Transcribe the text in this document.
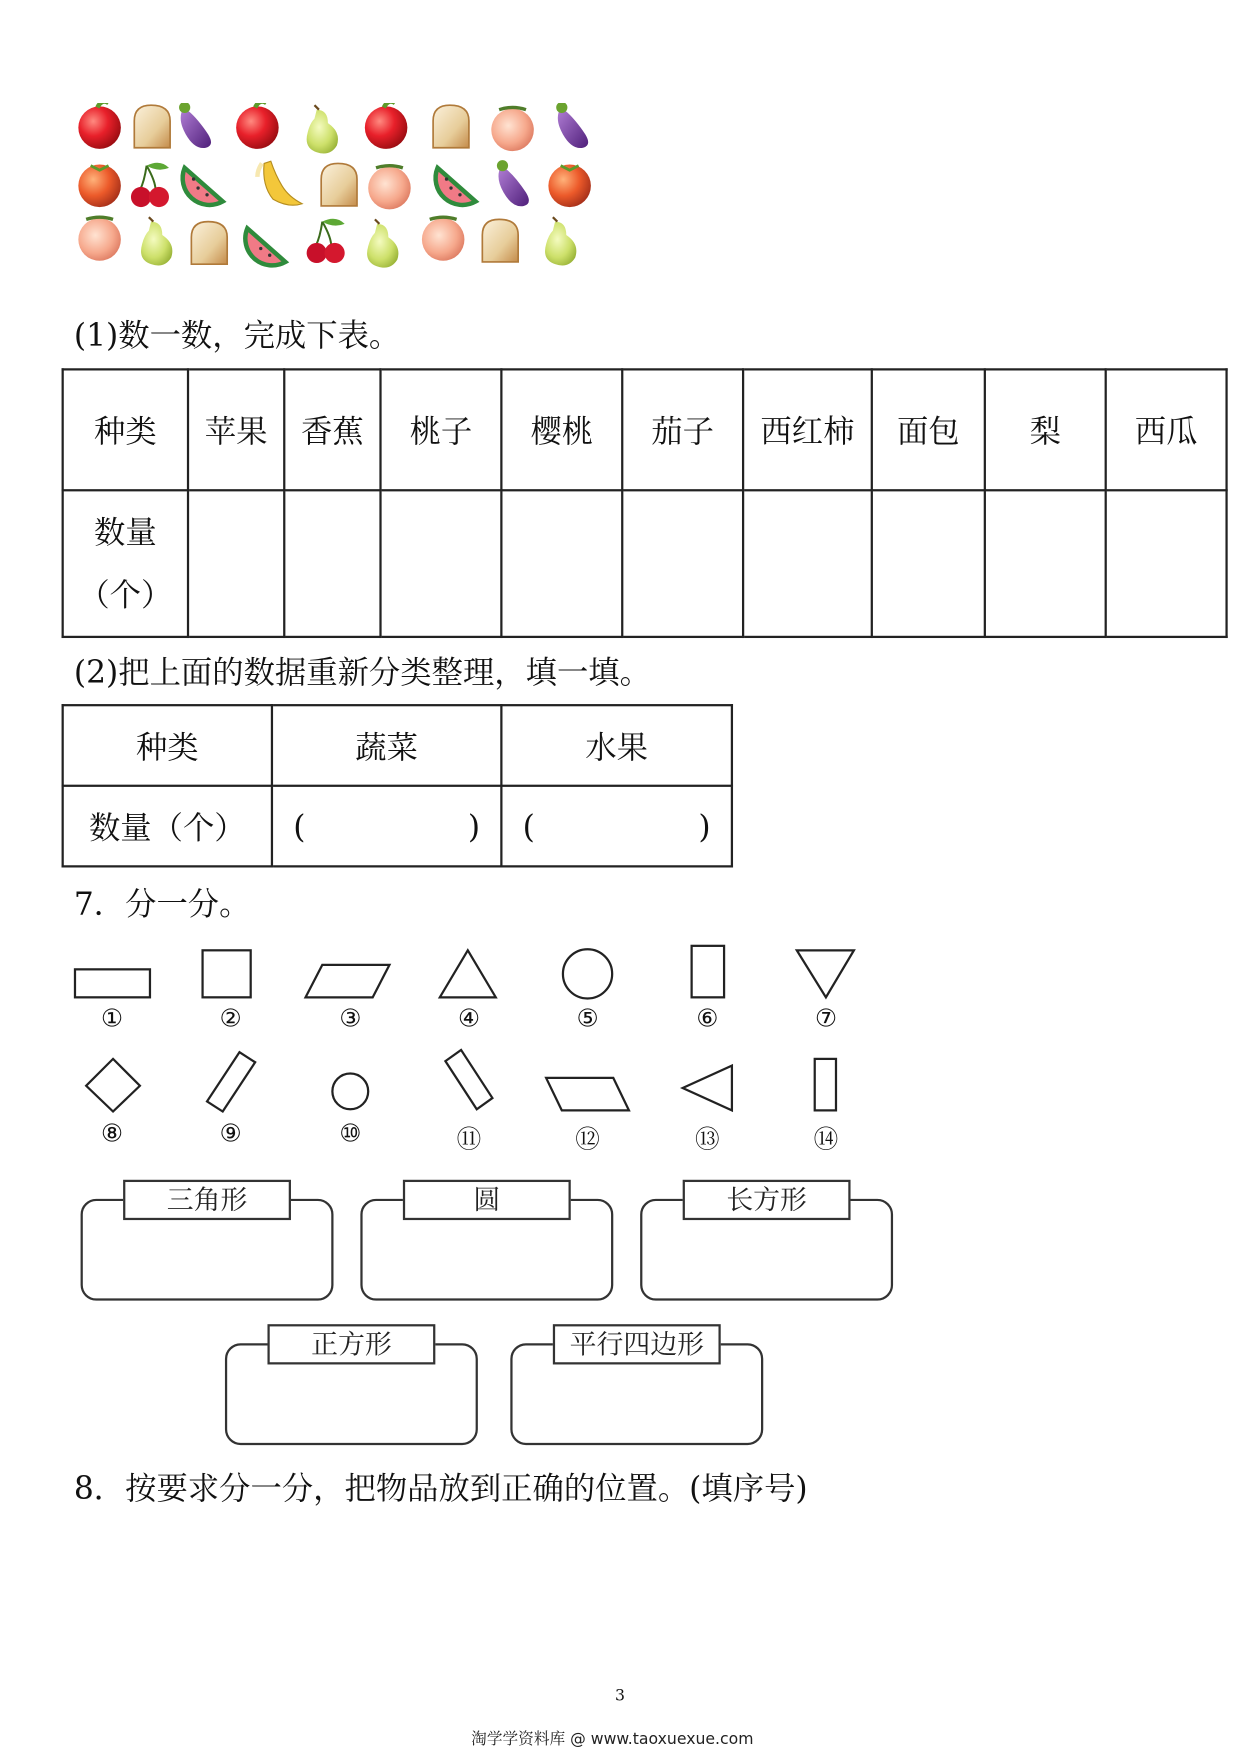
(1)数一数，完成下表。
种类	苹果	香蕉	桃子	樱桃	茄子	西红柿	面包	梨	西瓜

数量
（个）									

(2)把上面的数据重新分类整理，填一填。
种类	蔬菜	水果
数量（个）	( )	( )
7．分一分。
①	②	③	④	⑤	⑥	⑦
⑧	⑨	⑩	⑪	⑫	⑬	⑭
三角形	圆	长方形
正方形	平行四边形
8．按要求分一分，把物品放到正确的位置。(填序号)
3
淘学学资料库 @ www.taoxuexue.com
